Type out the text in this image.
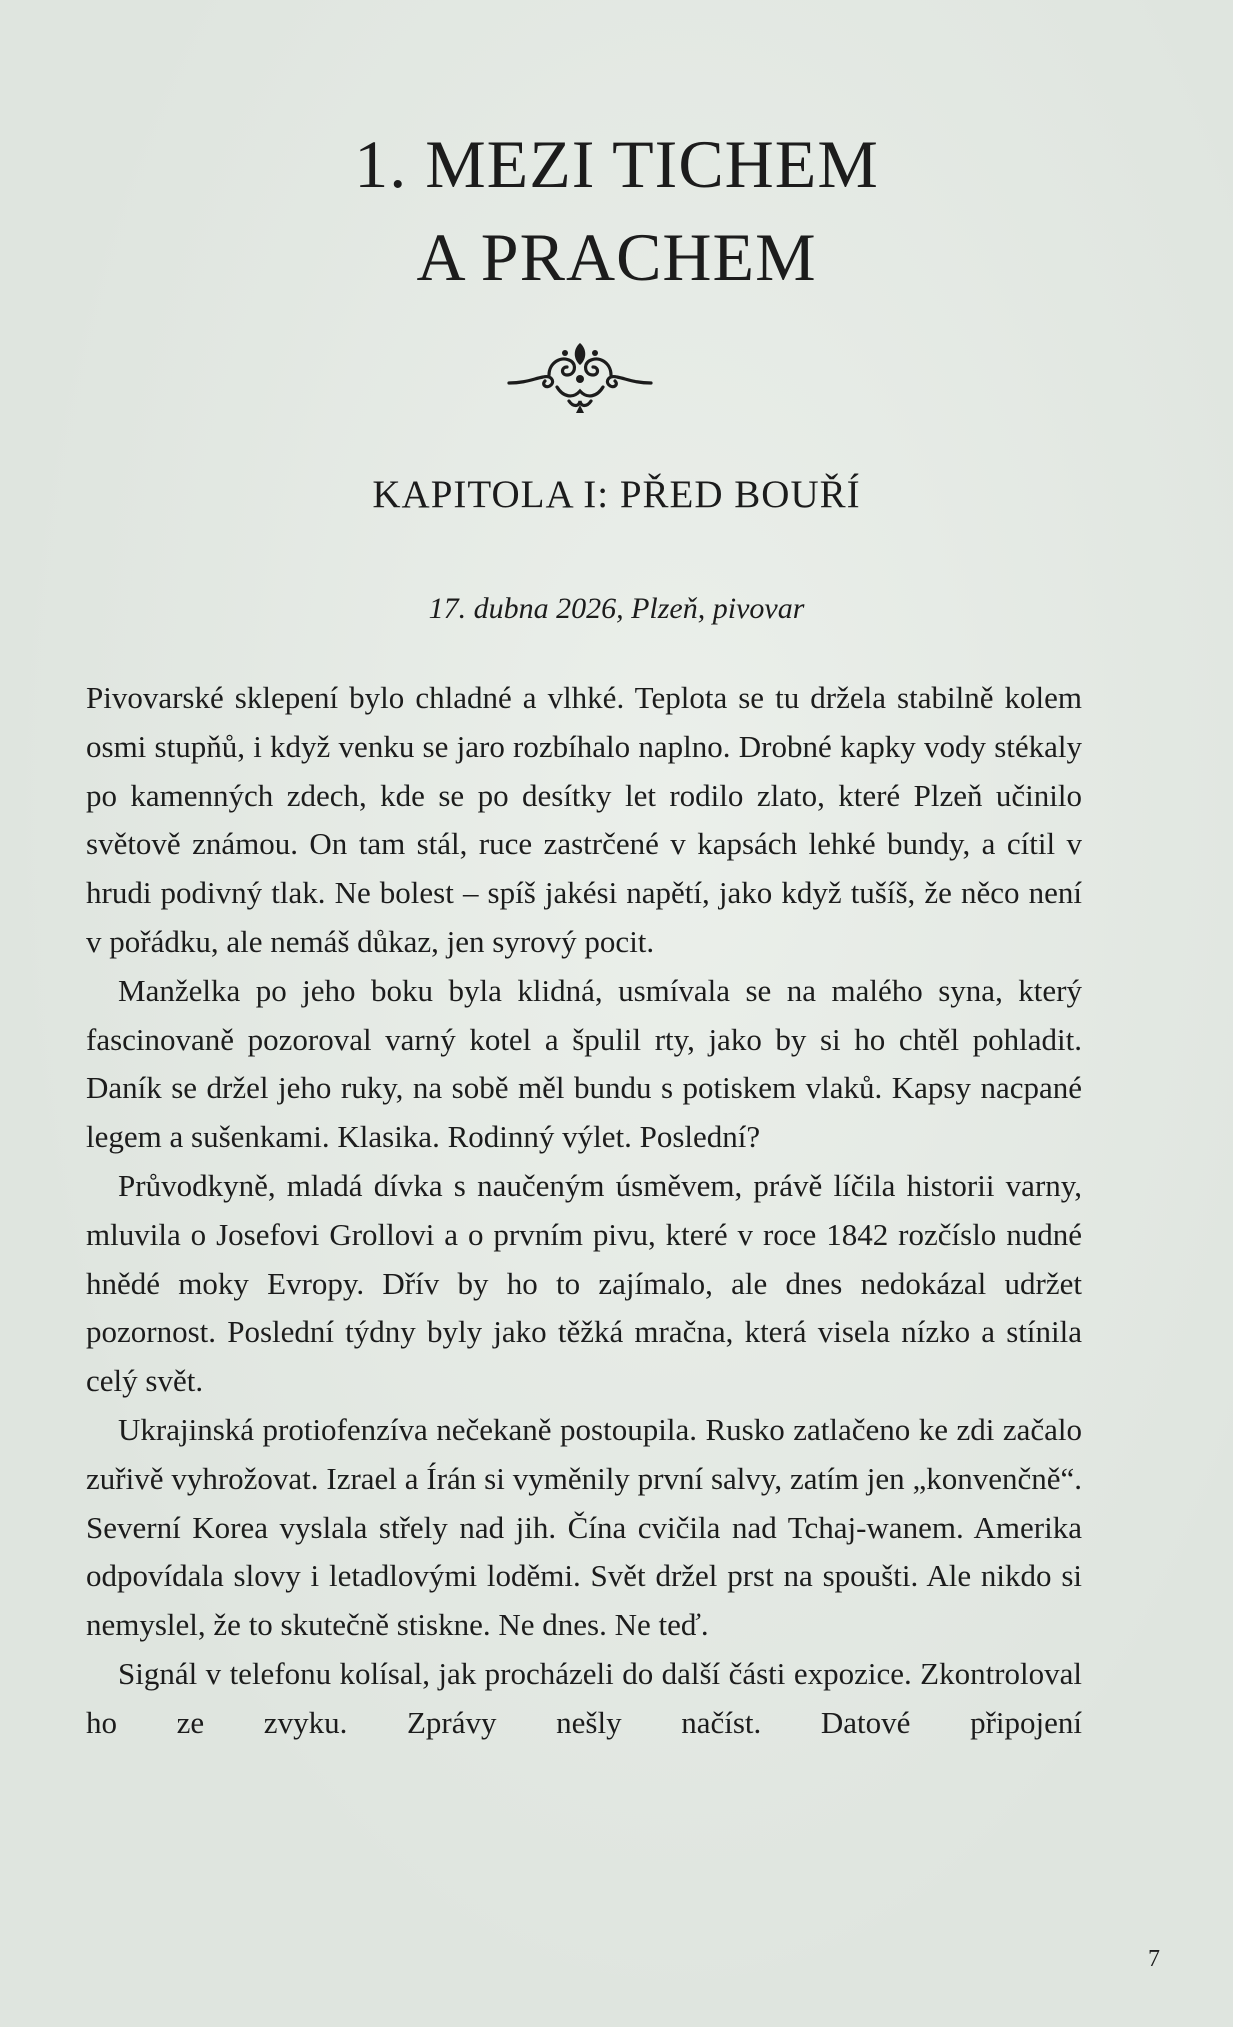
1. MEZI TICHEM
A PRACHEM
KAPITOLA I: PŘED BOUŘÍ

17. dubna 2026, Plzeň, pivovar

Pivovarské sklepení bylo chladné a vlhké. Teplota se tu držela stabilně kolem osmi stupňů, i když venku se jaro rozbíhalo naplno. Drobné kapky vody stékaly po kamenných zdech, kde se po desítky let rodilo zlato, které Plzeň učinilo světově známou. On tam stál, ruce zastrčené v kapsách lehké bundy, a cítil v hrudi podivný tlak. Ne bolest – spíš jakési napětí, jako když tušíš, že něco není v pořádku, ale nemáš důkaz, jen syrový pocit.

Manželka po jeho boku byla klidná, usmívala se na malého syna, který fascinovaně pozoroval varný kotel a špulil rty, jako by si ho chtěl pohladit. Daník se držel jeho ruky, na sobě měl bundu s potiskem vlaků. Kapsy nacpané legem a sušenkami. Klasika. Rodinný výlet. Poslední?

Průvodkyně, mladá dívka s naučeným úsměvem, právě líčila historii varny, mluvila o Josefovi Grollovi a o prvním pivu, které v roce 1842 rozčíslo nudné hnědé moky Evropy. Dřív by ho to zajímalo, ale dnes nedokázal udržet pozornost. Poslední týdny byly jako těžká mračna, která visela nízko a stínila celý svět.

Ukrajinská protiofenzíva nečekaně postoupila. Rusko zatlačeno ke zdi začalo zuřivě vyhrožovat. Izrael a Írán si vyměnily první salvy, zatím jen „konvenčně“. Severní Korea vyslala střely nad jih. Čína cvičila nad Tchaj-wanem. Amerika odpovídala slovy i letadlovými loděmi. Svět držel prst na spoušti. Ale nikdo si nemyslel, že to skutečně stiskne. Ne dnes. Ne teď.

Signál v telefonu kolísal, jak procházeli do další části expozice. Zkontroloval ho ze zvyku. Zprávy nešly načíst. Datové připojení

7
